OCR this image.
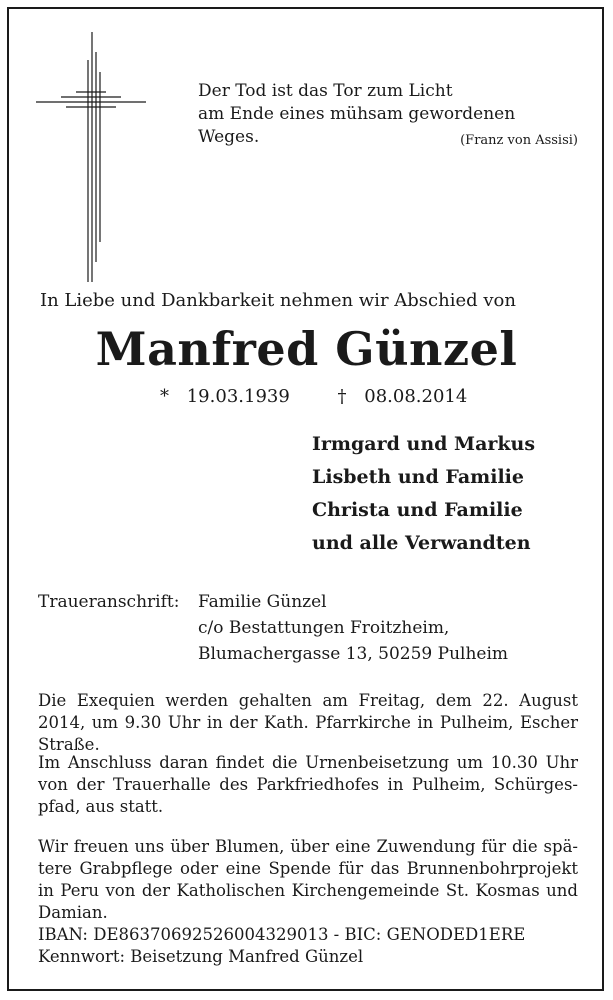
Der Tod ist das Tor zum Licht
am Ende eines mühsam gewordenen Weges.	(Franz von Assisi)
In Liebe und Dankbarkeit nehmen wir Abschied von
Manfred Günzel
* 19.03.1939	† 08.08.2014
Irmgard und Markus
Lisbeth und Familie
Christa und Familie
und alle Verwandten
Traueranschrift: Familie Günzel
c/o Bestattungen Froitzheim,
Blumachergasse 13, 50259 Pulheim
Die Exequien werden gehalten am Freitag, dem 22. August 2014, um 9.30 Uhr in der Kath. Pfarrkirche in Pulheim, Escher Straße.
Im Anschluss daran findet die Urnenbeisetzung um 10.30 Uhr von der Trauerhalle des Parkfriedhofes in Pulheim, Schürges-pfad, aus statt.
Wir freuen uns über Blumen, über eine Zuwendung für die spä-tere Grabpflege oder eine Spende für das Brunnenbohrprojekt in Peru von der Katholischen Kirchengemeinde St. Kosmas und Damian.
IBAN: DE86370692526004329013 - BIC: GENODED1ERE
Kennwort: Beisetzung Manfred Günzel
